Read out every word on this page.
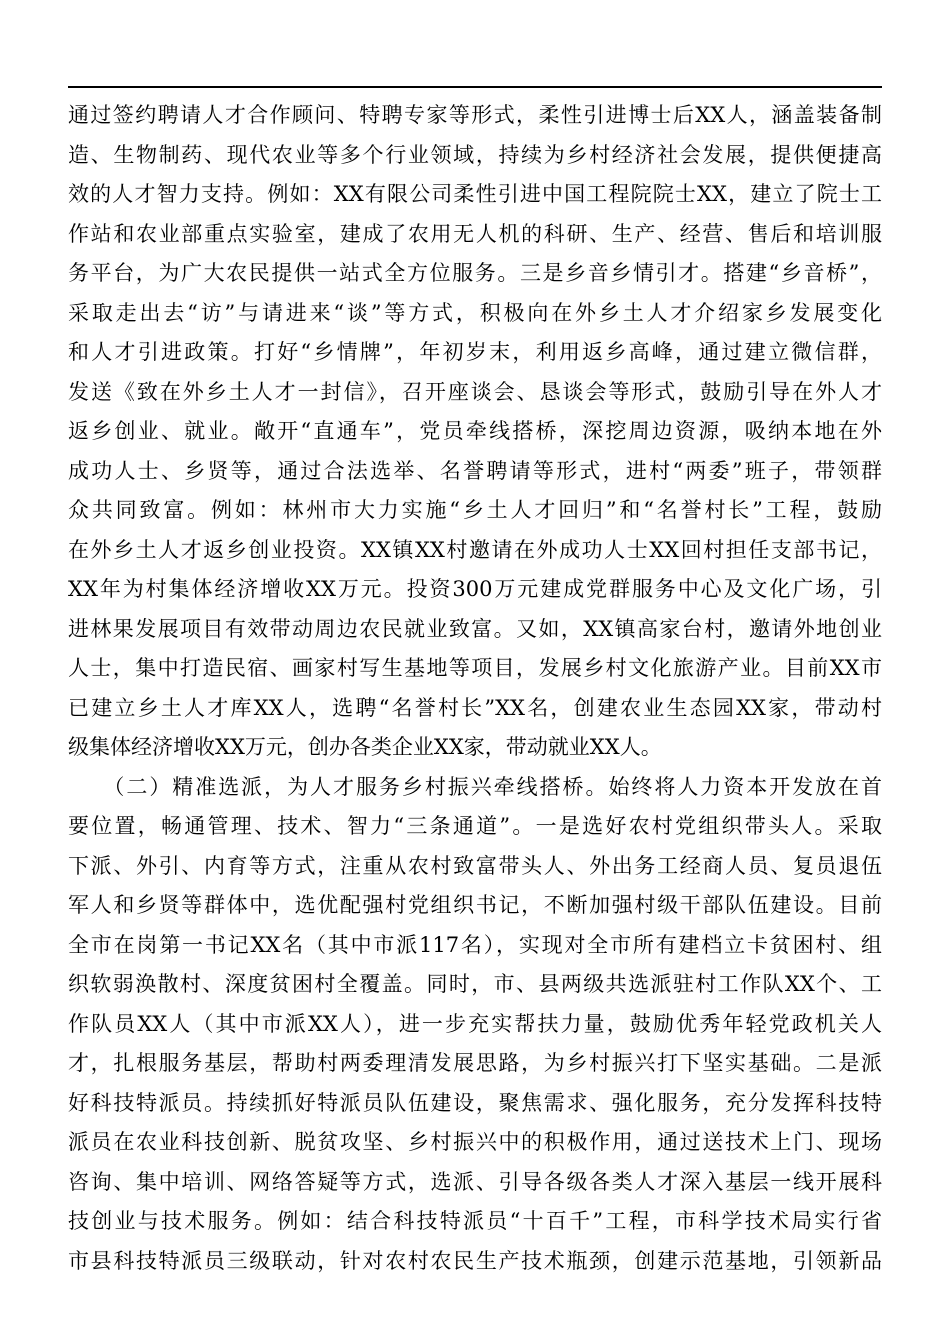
通过签约聘请人才合作顾问、特聘专家等形式，柔性引进博士后XX人，涵盖装备制
造、生物制药、现代农业等多个行业领域，持续为乡村经济社会发展，提供便捷高
效的人才智力支持。例如：XX有限公司柔性引进中国工程院院士XX，建立了院士工
作站和农业部重点实验室，建成了农用无人机的科研、生产、经营、售后和培训服
务平台，为广大农民提供一站式全方位服务。三是乡音乡情引才。搭建“乡音桥”，
采取走出去“访”与请进来“谈”等方式，积极向在外乡土人才介绍家乡发展变化
和人才引进政策。打好“乡情牌”，年初岁末，利用返乡高峰，通过建立微信群，
发送《致在外乡土人才一封信》，召开座谈会、恳谈会等形式，鼓励引导在外人才
返乡创业、就业。敞开“直通车”，党员牵线搭桥，深挖周边资源，吸纳本地在外
成功人士、乡贤等，通过合法选举、名誉聘请等形式，进村“两委”班子，带领群
众共同致富。例如：林州市大力实施“乡土人才回归”和“名誉村长”工程，鼓励
在外乡土人才返乡创业投资。XX镇XX村邀请在外成功人士XX回村担任支部书记，
XX年为村集体经济增收XX万元。投资300万元建成党群服务中心及文化广场，引
进林果发展项目有效带动周边农民就业致富。又如，XX镇高家台村，邀请外地创业
人士，集中打造民宿、画家村写生基地等项目，发展乡村文化旅游产业。目前XX市
已建立乡土人才库XX人，选聘“名誉村长”XX名，创建农业生态园XX家，带动村
级集体经济增收XX万元，创办各类企业XX家，带动就业XX人。
　　（二）精准选派，为人才服务乡村振兴牵线搭桥。始终将人力资本开发放在首
要位置，畅通管理、技术、智力“三条通道”。一是选好农村党组织带头人。采取
下派、外引、内育等方式，注重从农村致富带头人、外出务工经商人员、复员退伍
军人和乡贤等群体中，选优配强村党组织书记，不断加强村级干部队伍建设。目前
全市在岗第一书记XX名（其中市派117名），实现对全市所有建档立卡贫困村、组
织软弱涣散村、深度贫困村全覆盖。同时，市、县两级共选派驻村工作队XX个、工
作队员XX人（其中市派XX人），进一步充实帮扶力量，鼓励优秀年轻党政机关人
才，扎根服务基层，帮助村两委理清发展思路，为乡村振兴打下坚实基础。二是派
好科技特派员。持续抓好特派员队伍建设，聚焦需求、强化服务，充分发挥科技特
派员在农业科技创新、脱贫攻坚、乡村振兴中的积极作用，通过送技术上门、现场
咨询、集中培训、网络答疑等方式，选派、引导各级各类人才深入基层一线开展科
技创业与技术服务。例如：结合科技特派员“十百千”工程，市科学技术局实行省
市县科技特派员三级联动，针对农村农民生产技术瓶颈，创建示范基地，引领新品
